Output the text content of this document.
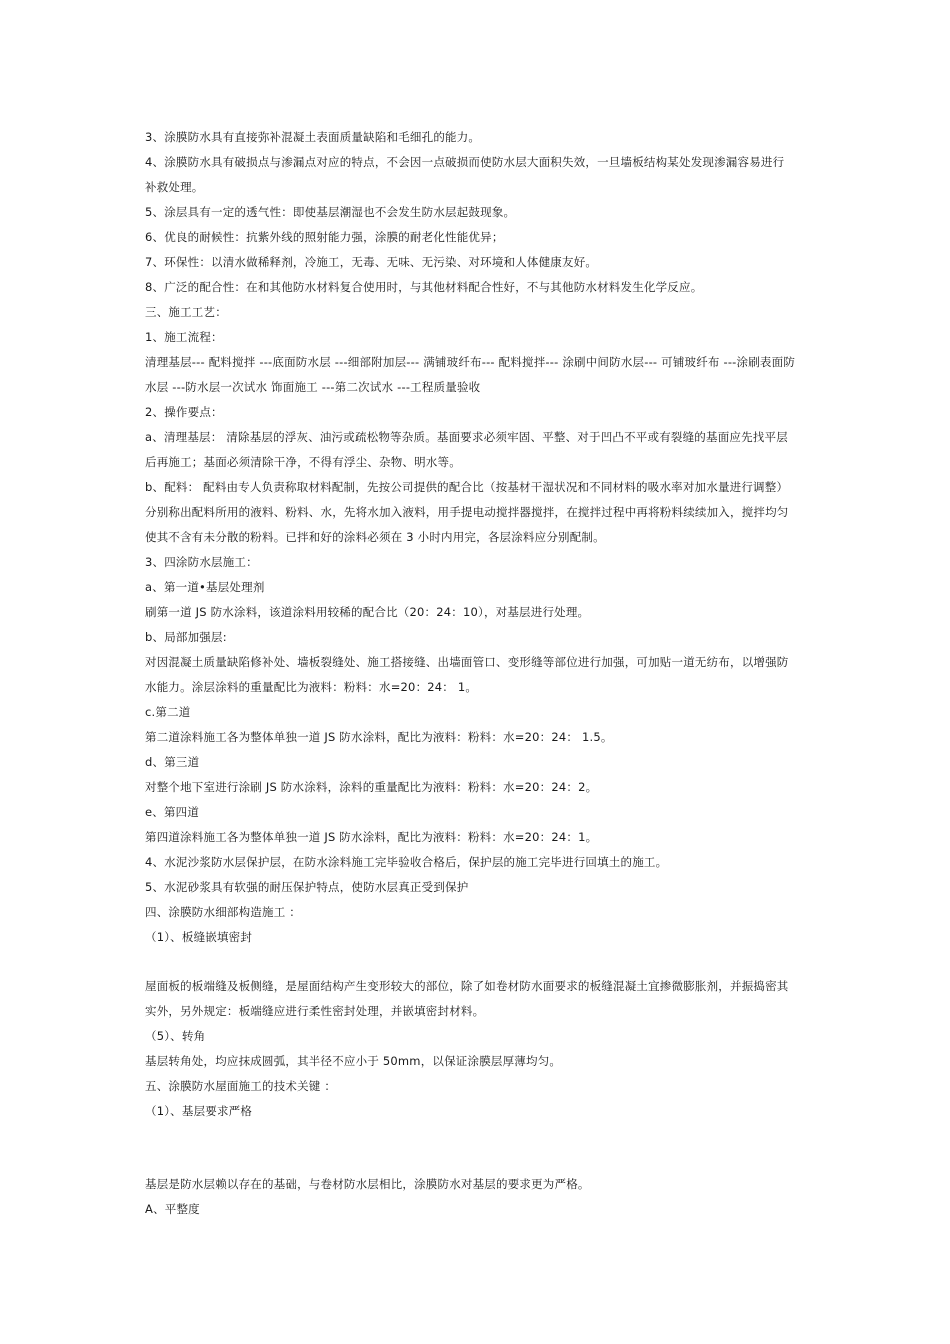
3、涂膜防水具有直接弥补混凝土表面质量缺陷和毛细孔的能力。
4、涂膜防水具有破损点与渗漏点对应的特点，不会因一点破损而使防水层大面积失效，一旦墙板结构某处发现渗漏容易进行
补救处理。
5、涂层具有一定的透气性：即使基层潮湿也不会发生防水层起鼓现象。
6、优良的耐候性：抗紫外线的照射能力强，涂膜的耐老化性能优异；
7、环保性：以清水做稀释剂，冷施工，无毒、无味、无污染、对环境和人体健康友好。
8、广泛的配合性：在和其他防水材料复合使用时，与其他材料配合性好，不与其他防水材料发生化学反应。
三、施工工艺：
1、施工流程：
清理基层--- 配料搅拌 ---底面防水层 ---细部附加层--- 满铺玻纤布--- 配料搅拌--- 涂刷中间防水层--- 可铺玻纤布 ---涂刷表面防
水层 ---防水层一次试水 饰面施工 ---第二次试水 ---工程质量验收
2、操作要点：
a、清理基层： 清除基层的浮灰、油污或疏松物等杂质。基面要求必须牢固、平整、对于凹凸不平或有裂缝的基面应先找平层
后再施工；基面必须清除干净，不得有浮尘、杂物、明水等。
b、配料： 配料由专人负责称取材料配制，先按公司提供的配合比（按基材干湿状况和不同材料的吸水率对加水量进行调整）
分别称出配料所用的液料、粉料、水，先将水加入液料，用手提电动搅拌器搅拌，在搅拌过程中再将粉料续续加入，搅拌均匀
使其不含有未分散的粉料。已拌和好的涂料必须在 3 小时内用完，各层涂料应分别配制。
3、四涂防水层施工：
a、第一道•基层处理剂
刷第一道 JS 防水涂料，该道涂料用较稀的配合比（20：24：10），对基层进行处理。
b、局部加强层:
对因混凝土质量缺陷修补处、墙板裂缝处、施工搭接缝、出墙面管口、变形缝等部位进行加强，可加贴一道无纺布，以增强防
水能力。涂层涂料的重量配比为液料：粉料：水=20：24： 1。
c.第二道
第二道涂料施工各为整体单独一道 JS 防水涂料，配比为液料：粉料：水=20：24： 1.5。
d、第三道
对整个地下室进行涂刷 JS 防水涂料，涂料的重量配比为液料：粉料：水=20：24：2。
e、第四道
第四道涂料施工各为整体单独一道 JS 防水涂料，配比为液料：粉料：水=20：24：1。
4、水泥沙浆防水层保护层，在防水涂料施工完毕验收合格后，保护层的施工完毕进行回填土的施工。
5、水泥砂浆具有软强的耐压保护特点，使防水层真正受到保护
四、涂膜防水细部构造施工 ：
（1）、板缝嵌填密封
屋面板的板端缝及板侧缝，是屋面结构产生变形较大的部位，除了如卷材防水面要求的板缝混凝土宜掺微膨胀剂，并振捣密其
实外，另外规定：板端缝应进行柔性密封处理，并嵌填密封材料。
（5）、转角
基层转角处，均应抹成圆弧，其半径不应小于 50mm，以保证涂膜层厚薄均匀。
五、涂膜防水屋面施工的技术关键 ：
（1）、基层要求严格
基层是防水层赖以存在的基础，与卷材防水层相比，涂膜防水对基层的要求更为严格。
A、平整度
